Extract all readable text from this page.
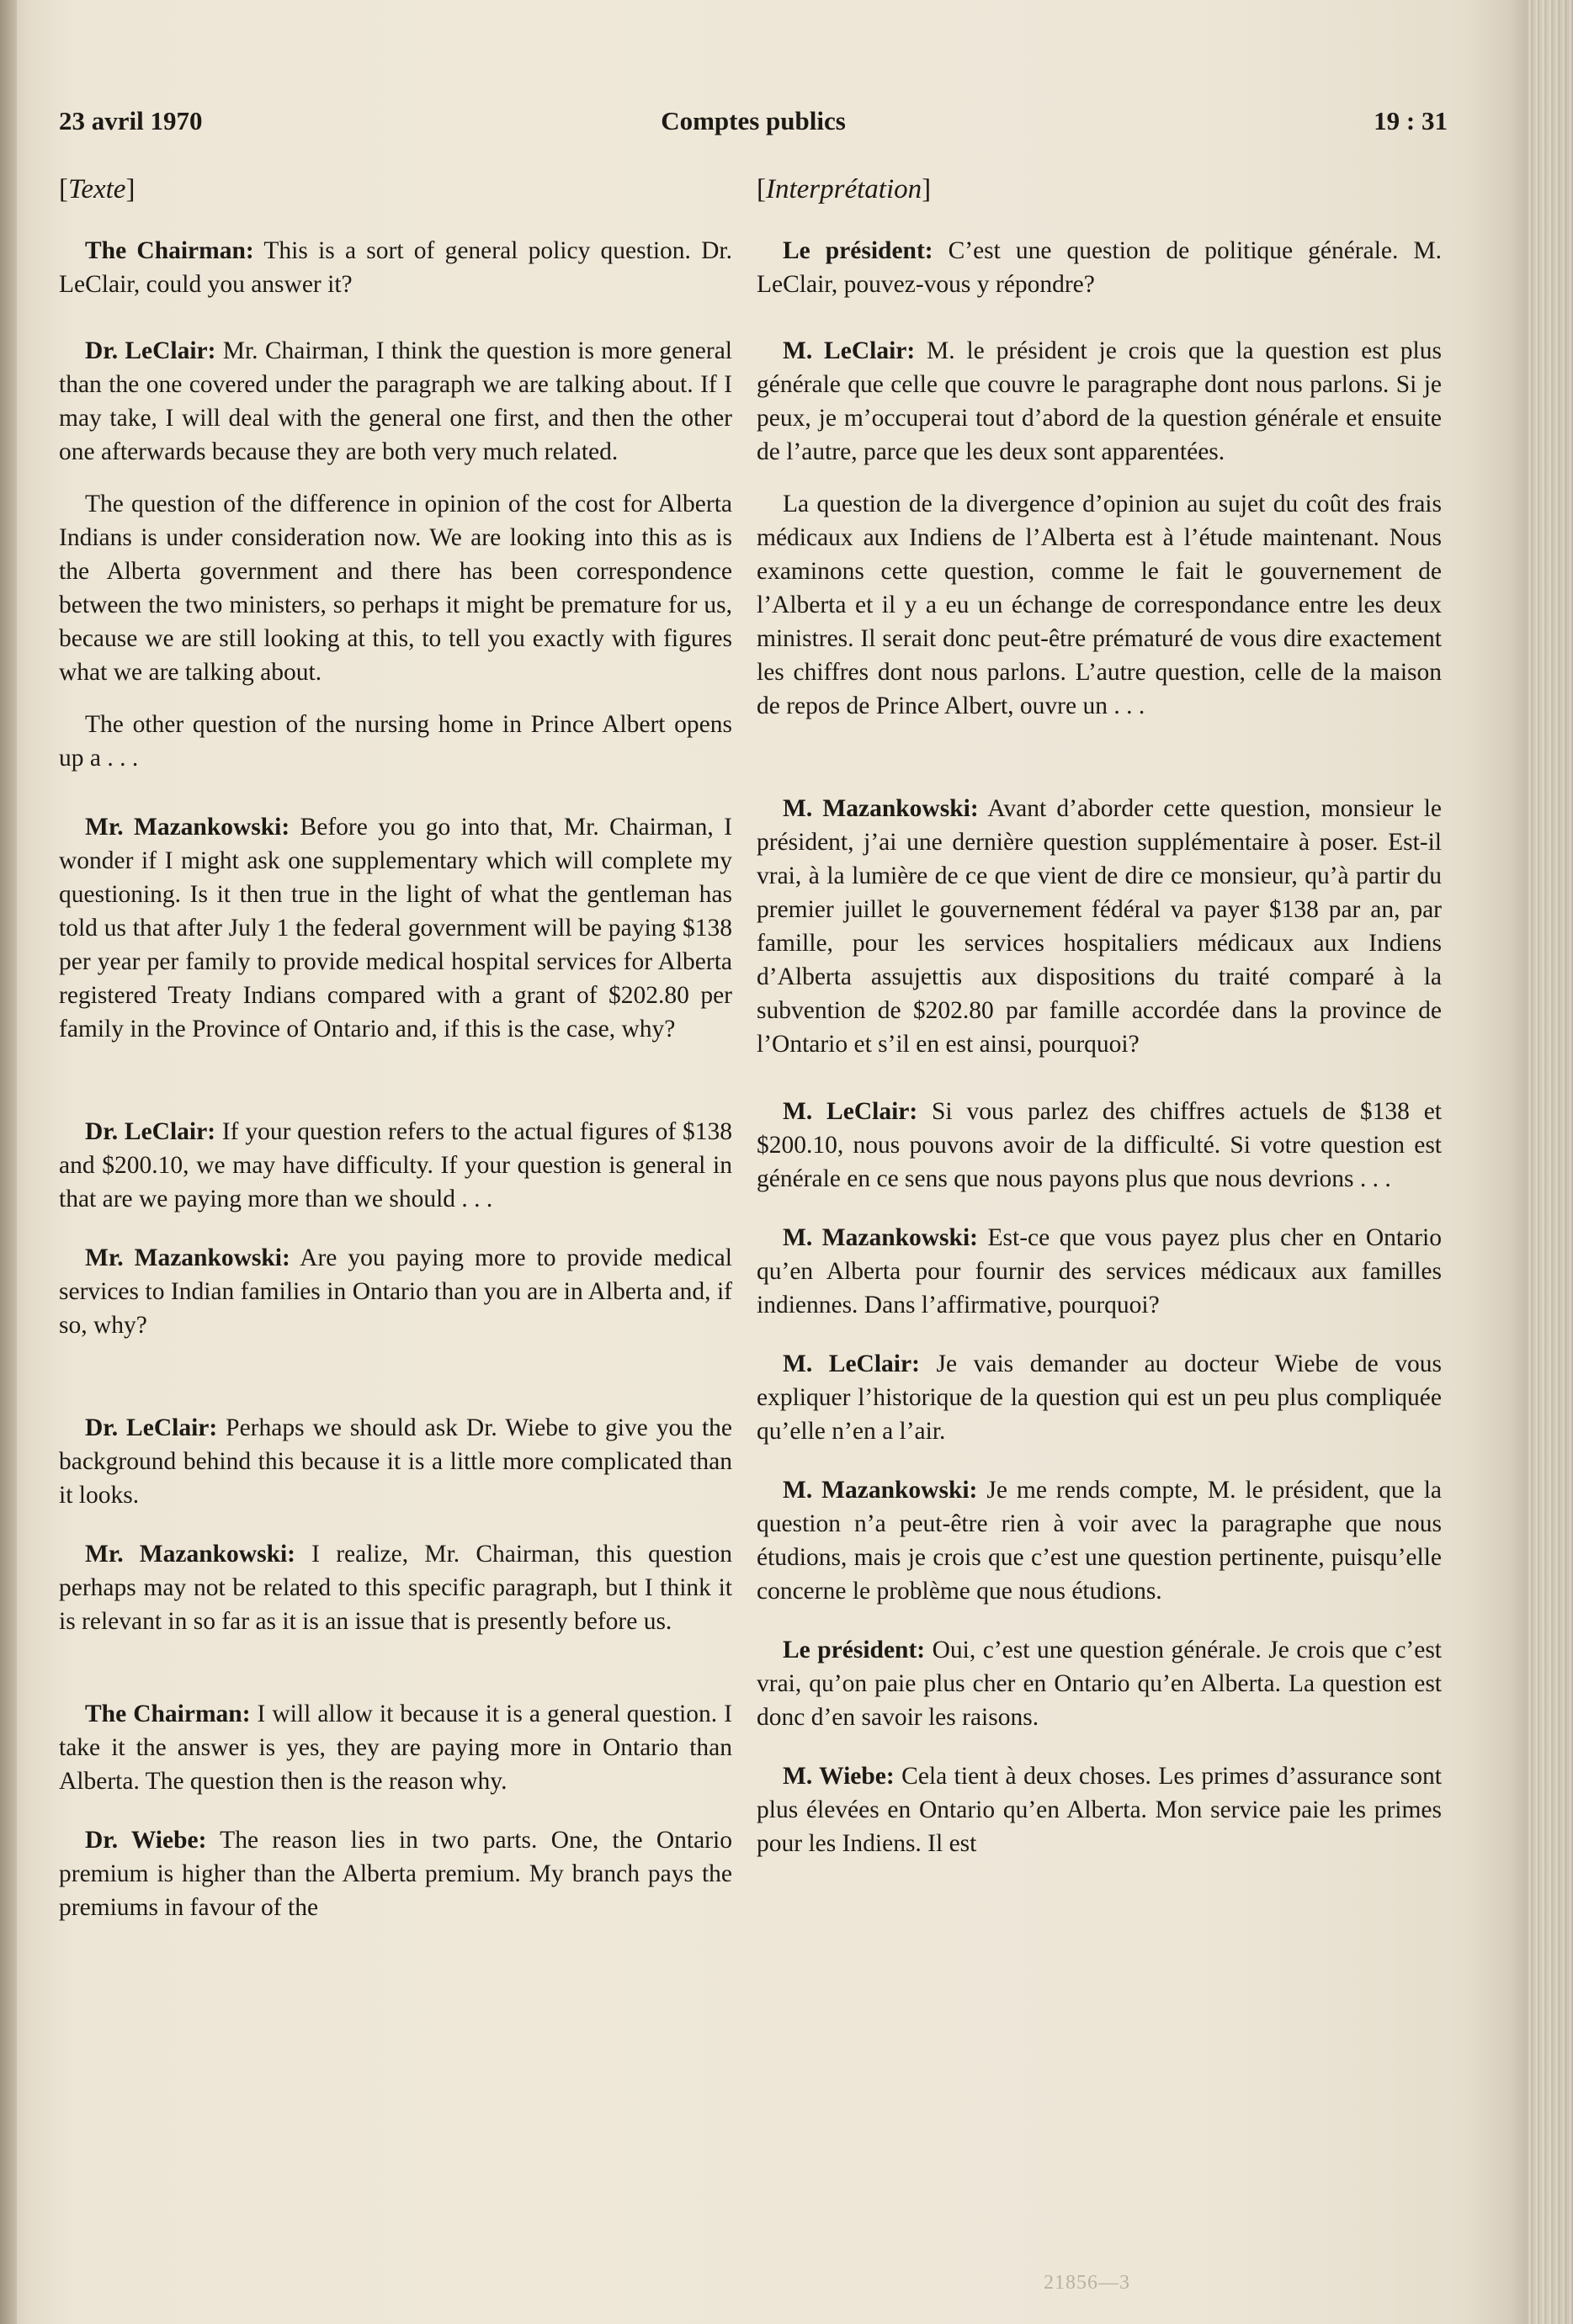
23 avril 1970	Comptes publics	19 : 31
[Texte]

The Chairman: This is a sort of general policy question. Dr. LeClair, could you answer it?

Dr. LeClair: Mr. Chairman, I think the question is more general than the one covered under the paragraph we are talking about. If I may take, I will deal with the general one first, and then the other one afterwards because they are both very much related.

The question of the difference in opinion of the cost for Alberta Indians is under consideration now. We are looking into this as is the Alberta government and there has been correspondence between the two ministers, so perhaps it might be premature for us, because we are still looking at this, to tell you exactly with figures what we are talking about.

The other question of the nursing home in Prince Albert opens up a . . .

Mr. Mazankowski: Before you go into that, Mr. Chairman, I wonder if I might ask one supplementary which will complete my questioning. Is it then true in the light of what the gentleman has told us that after July 1 the federal government will be paying $138 per year per family to provide medical hospital services for Alberta registered Treaty Indians compared with a grant of $202.80 per family in the Province of Ontario and, if this is the case, why?

Dr. LeClair: If your question refers to the actual figures of $138 and $200.10, we may have difficulty. If your question is general in that are we paying more than we should . . .

Mr. Mazankowski: Are you paying more to provide medical services to Indian families in Ontario than you are in Alberta and, if so, why?

Dr. LeClair: Perhaps we should ask Dr. Wiebe to give you the background behind this because it is a little more complicated than it looks.

Mr. Mazankowski: I realize, Mr. Chairman, this question perhaps may not be related to this specific paragraph, but I think it is relevant in so far as it is an issue that is presently before us.

The Chairman: I will allow it because it is a general question. I take it the answer is yes, they are paying more in Ontario than Alberta. The question then is the reason why.

Dr. Wiebe: The reason lies in two parts. One, the Ontario premium is higher than the Alberta premium. My branch pays the premiums in favour of the

[Interprétation]

Le président: C’est une question de politique générale. M. LeClair, pouvez-vous y répondre?

M. LeClair: M. le président je crois que la question est plus générale que celle que couvre le paragraphe dont nous parlons. Si je peux, je m’occuperai tout d’abord de la question générale et ensuite de l’autre, parce que les deux sont apparentées.

La question de la divergence d’opinion au sujet du coût des frais médicaux aux Indiens de l’Alberta est à l’étude maintenant. Nous examinons cette question, comme le fait le gouvernement de l’Alberta et il y a eu un échange de correspondance entre les deux ministres. Il serait donc peut-être prématuré de vous dire exactement les chiffres dont nous parlons. L’autre question, celle de la maison de repos de Prince Albert, ouvre un . . .

M. Mazankowski: Avant d’aborder cette question, monsieur le président, j’ai une dernière question supplémentaire à poser. Est-il vrai, à la lumière de ce que vient de dire ce monsieur, qu’à partir du premier juillet le gouvernement fédéral va payer $138 par an, par famille, pour les services hospitaliers médicaux aux Indiens d’Alberta assujettis aux dispositions du traité comparé à la subvention de $202.80 par famille accordée dans la province de l’Ontario et s’il en est ainsi, pourquoi?

M. LeClair: Si vous parlez des chiffres actuels de $138 et $200.10, nous pouvons avoir de la difficulté. Si votre question est générale en ce sens que nous payons plus que nous devrions . . .

M. Mazankowski: Est-ce que vous payez plus cher en Ontario qu’en Alberta pour fournir des services médicaux aux familles indiennes. Dans l’affirmative, pourquoi?

M. LeClair: Je vais demander au docteur Wiebe de vous expliquer l’historique de la question qui est un peu plus compliquée qu’elle n’en a l’air.

M. Mazankowski: Je me rends compte, M. le président, que la question n’a peut-être rien à voir avec la paragraphe que nous étudions, mais je crois que c’est une question pertinente, puisqu’elle concerne le problème que nous étudions.

Le président: Oui, c’est une question générale. Je crois que c’est vrai, qu’on paie plus cher en Ontario qu’en Alberta. La question est donc d’en savoir les raisons.

M. Wiebe: Cela tient à deux choses. Les primes d’assurance sont plus élevées en Ontario qu’en Alberta. Mon service paie les primes pour les Indiens. Il est

21856—3
